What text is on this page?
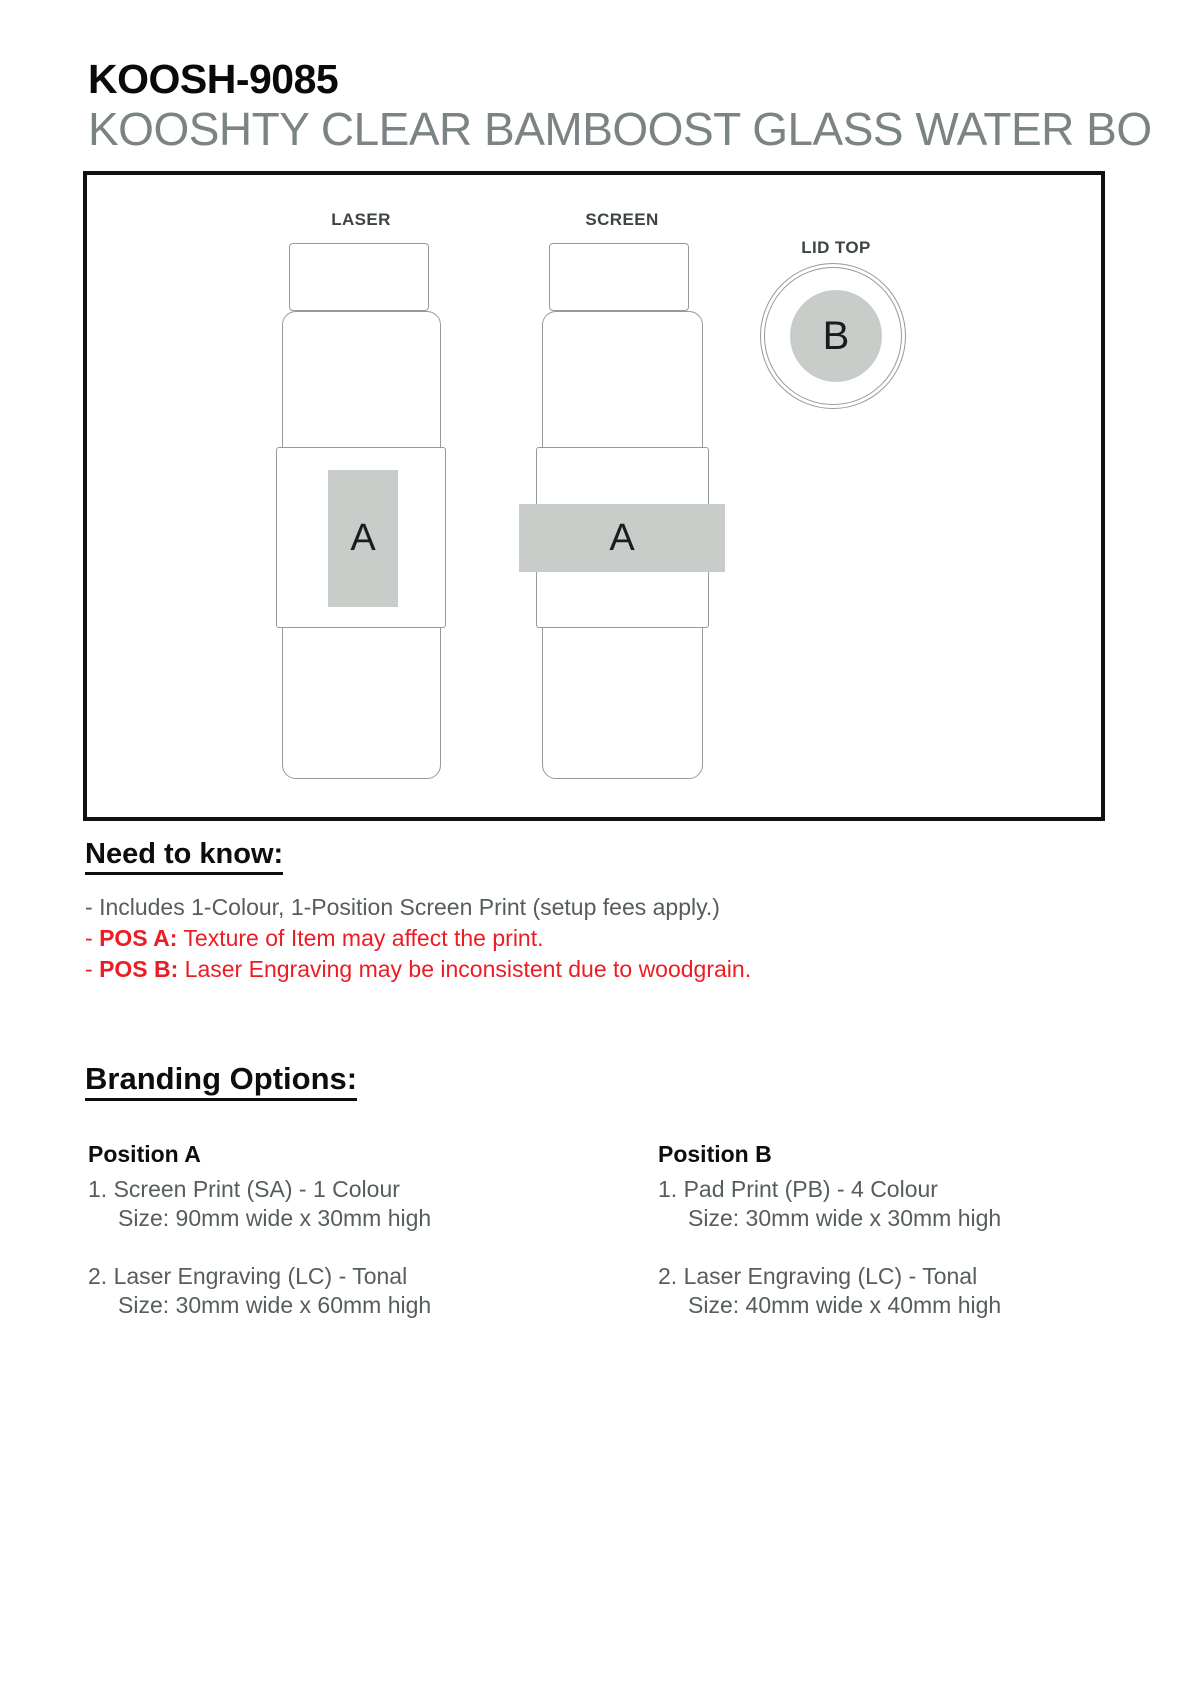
KOOSH-9085
KOOSHTY CLEAR BAMBOOST GLASS WATER BO
LASER	SCREEN
LID TOP
A	A
B
Need to know:

- Includes 1-Colour, 1-Position Screen Print (setup fees apply.)

- POS A: Texture of Item may affect the print.

- POS B: Laser Engraving may be inconsistent due to woodgrain.

Branding Options:
Position A
1. Screen Print (SA) - 1 Colour
Size: 90mm wide x 30mm high
2. Laser Engraving (LC) - Tonal
Size: 30mm wide x 60mm high
Position B
1. Pad Print (PB) - 4 Colour
Size: 30mm wide x 30mm high
2. Laser Engraving (LC) - Tonal
Size: 40mm wide x 40mm high
